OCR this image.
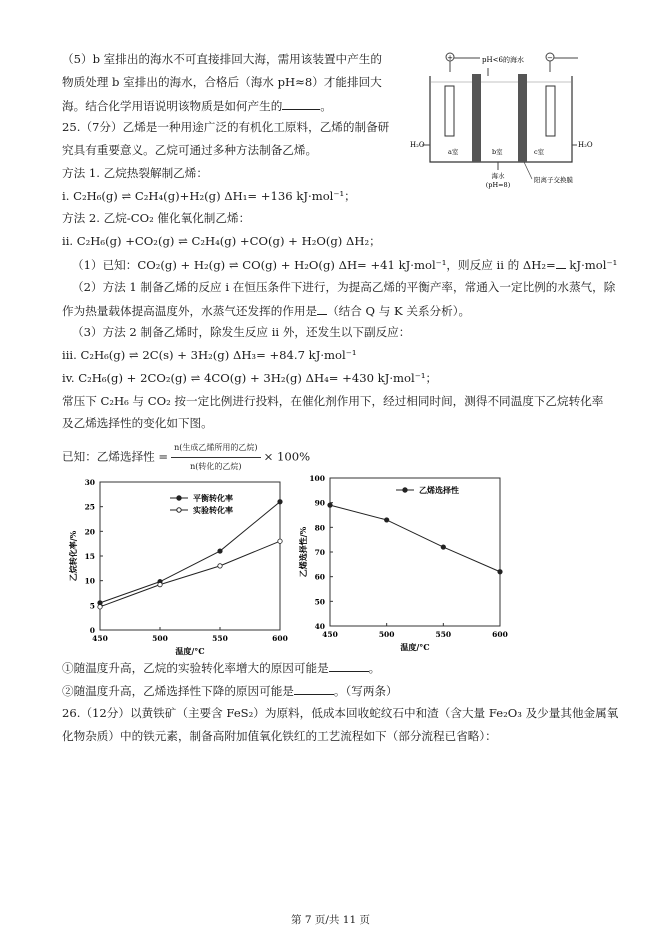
（5）b 室排出的海水不可直接排回大海，需用该装置中产生的
物质处理 b 室排出的海水，合格后（海水 pH≈8）才能排回大
海。结合化学用语说明该物质是如何产生的	。
25.（7分）乙烯是一种用途广泛的有机化工原料，乙烯的制备研
究具有重要意义。乙烷可通过多种方法制备乙烯。
方法 1. 乙烷热裂解制乙烯：
i. C₂H₆(g) ⇌ C₂H₄(g)+H₂(g) ΔH₁= +136 kJ·mol⁻¹；
方法 2. 乙烷-CO₂ 催化氧化制乙烯：
ii. C₂H₆(g) +CO₂(g) ⇌ C₂H₄(g) +CO(g) + H₂O(g) ΔH₂；
（1）已知：CO₂(g) + H₂(g) ⇌ CO(g) + H₂O(g) ΔH= +41 kJ·mol⁻¹，则反应 ii 的 ΔH₂= kJ·mol⁻¹
（2）方法 1 制备乙烯的反应 i 在恒压条件下进行，为提高乙烯的平衡产率，常通入一定比例的水蒸气，除
作为热量载体提高温度外，水蒸气还发挥的作用是 （结合 Q 与 K 关系分析）。
（3）方法 2 制备乙烯时，除发生反应 ii 外，还发生以下副反应：
iii. C₂H₆(g) ⇌ 2C(s) + 3H₂(g) ΔH₃= +84.7 kJ·mol⁻¹
iv. C₂H₆(g) + 2CO₂(g) ⇌ 4CO(g) + 3H₂(g) ΔH₄= +430 kJ·mol⁻¹；
常压下 C₂H₆ 与 CO₂ 按一定比例进行投料，在催化剂作用下，经过相同时间，测得不同温度下乙烷转化率
及乙烯选择性的变化如下图。
已知：乙烯选择性 = $\frac{\text{n(生成乙烯所用的乙烷)}}{\text{n(转化的乙烷)}} \times 100\%$
+	−
pH<6的海水
H₂O	H₂O
a室	b室	c室
海水
(pH=8)
阳离子交换膜
450	500	550	600
0
5
10
15
20
25
30
温度/°C
乙烷转化率/%
平衡转化率
实验转化率
450	500	550	600
40
50
60
70
80
90
100
温度/°C
乙烯选择性/%
乙烯选择性
①随温度升高，乙烷的实验转化率增大的原因可能是	。
②随温度升高，乙烯选择性下降的原因可能是	。（写两条）
26.（12分）以黄铁矿（主要含 FeS₂）为原料，低成本回收蛇纹石中和渣（含大量 Fe₂O₃ 及少量其他金属氧
化物杂质）中的铁元素，制备高附加值氧化铁红的工艺流程如下（部分流程已省略）：
第 7 页/共 11 页
